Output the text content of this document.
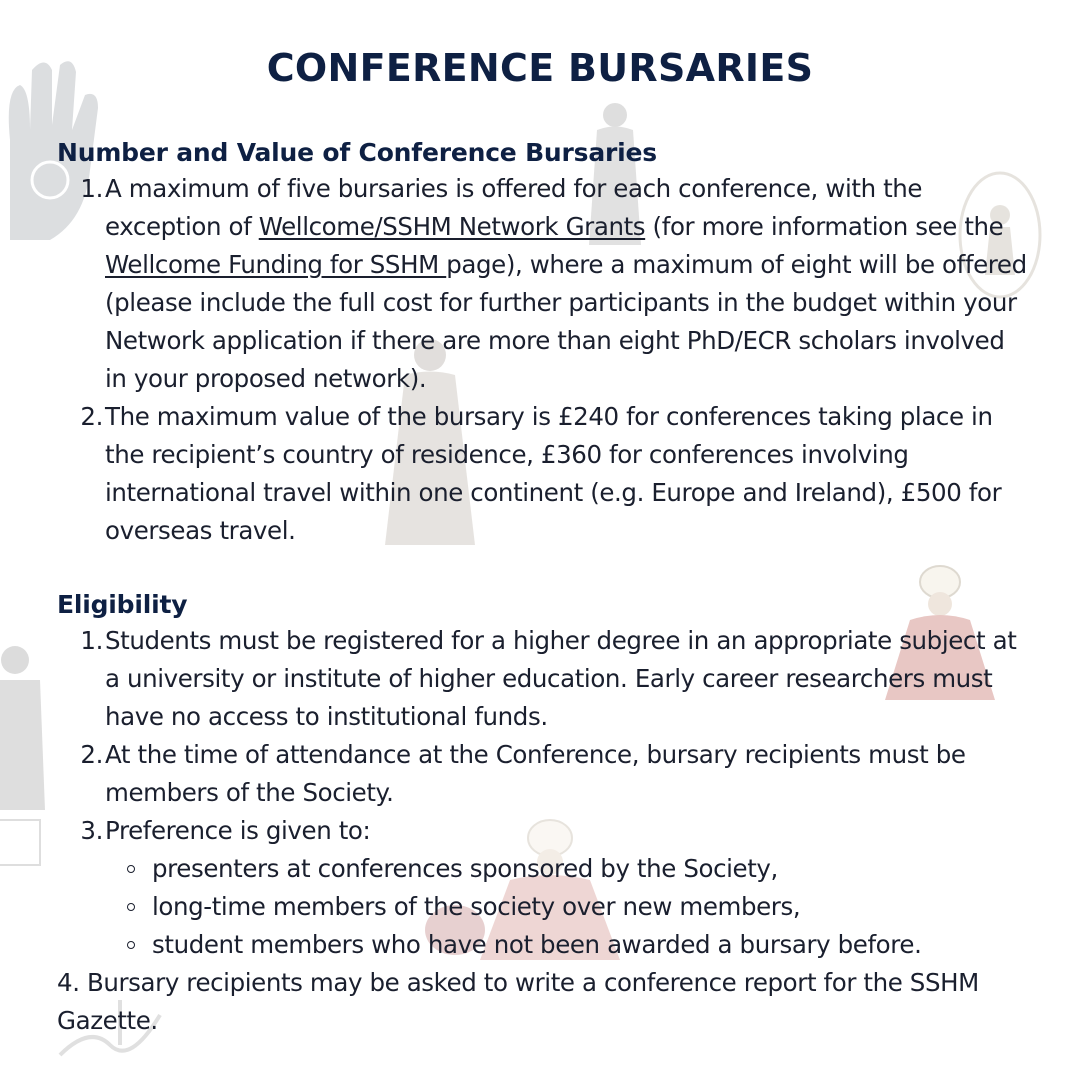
CONFERENCE BURSARIES
Number and Value of Conference Bursaries
1. A maximum of five bursaries is offered for each conference, with the exception of Wellcome/SSHM Network Grants (for more information see the Wellcome Funding for SSHM page), where a maximum of eight will be offered (please include the full cost for further participants in the budget within your Network application if there are more than eight PhD/ECR scholars involved in your proposed network).
2. The maximum value of the bursary is £240 for conferences taking place in the recipient’s country of residence, £360 for conferences involving international travel within one continent (e.g. Europe and Ireland), £500 for overseas travel.
Eligibility
1. Students must be registered for a higher degree in an appropriate subject at a university or institute of higher education. Early career researchers must have no access to institutional funds.
2. At the time of attendance at the Conference, bursary recipients must be members of the Society.
3. Preference is given to:
presenters at conferences sponsored by the Society,
long-time members of the society over new members,
student members who have not been awarded a bursary before.

4. Bursary recipients may be asked to write a conference report for the SSHM Gazette.
